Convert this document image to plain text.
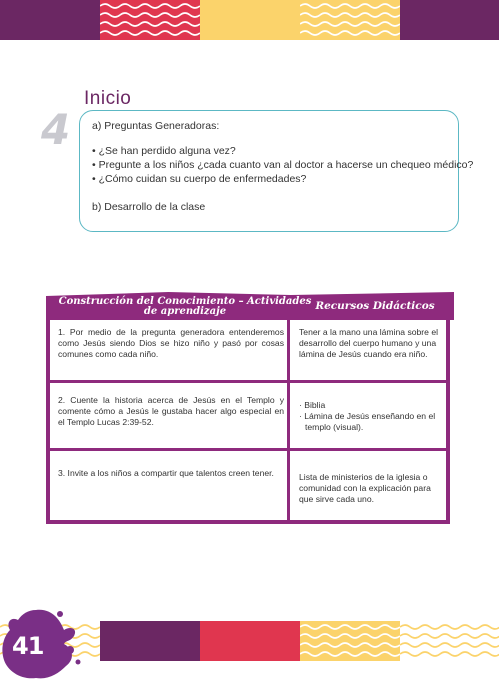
Inicio
4 a) Preguntas Generadoras:
• ¿Se han perdido alguna vez?
• Pregunte a los niños ¿cada cuanto van al doctor a hacerse un chequeo médico?
• ¿Cómo cuidan su cuerpo de enfermedades?
b) Desarrollo de la clase
Construcción del Conocimiento – Actividades de aprendizaje	Recursos Didácticos
1. Por medio de la pregunta generadora entenderemos como Jesús siendo Dios se hizo niño y pasó por cosas comunes como cada niño.
Tener a la mano una lámina sobre el desarrollo del cuerpo humano y una lámina de Jesús cuando era niño.
2. Cuente la historia acerca de Jesús en el Templo y comente cómo a Jesús le gustaba hacer algo especial en el Templo Lucas 2:39-52.
· Biblia
· Lámina de Jesús enseñando en el templo (visual).
3. Invite a los niños a compartir que talentos creen tener.	Lista de ministerios de la iglesia o comunidad con la explicación para que sirve cada uno.
41
